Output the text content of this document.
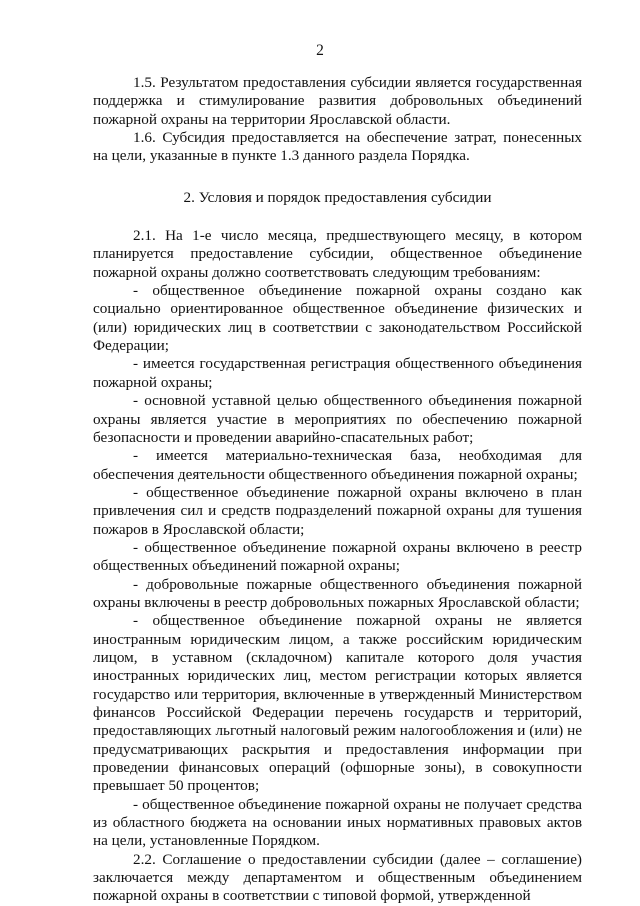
2

1.5. Результатом предоставления субсидии является государственная поддержка и стимулирование развития добровольных объединений пожарной охраны на территории Ярославской области.

1.6. Субсидия предоставляется на обеспечение затрат, понесенных на цели, указанные в пункте 1.3 данного раздела Порядка.

2. Условия и порядок предоставления субсидии

2.1. На 1-е число месяца, предшествующего месяцу, в котором планируется предоставление субсидии, общественное объединение пожарной охраны должно соответствовать следующим требованиям:

- общественное объединение пожарной охраны создано как социально ориентированное общественное объединение физических и (или) юридических лиц в соответствии с законодательством Российской Федерации;

- имеется государственная регистрация общественного объединения пожарной охраны;

- основной уставной целью общественного объединения пожарной охраны является участие в мероприятиях по обеспечению пожарной безопасности и проведении аварийно-спасательных работ;

- имеется материально-техническая база, необходимая для обеспечения деятельности общественного объединения пожарной охраны;

- общественное объединение пожарной охраны включено в план привлечения сил и средств подразделений пожарной охраны для тушения пожаров в Ярославской области;

- общественное объединение пожарной охраны включено в реестр общественных объединений пожарной охраны;

- добровольные пожарные общественного объединения пожарной охраны включены в реестр добровольных пожарных Ярославской области;

- общественное объединение пожарной охраны не является иностранным юридическим лицом, а также российским юридическим лицом, в уставном (складочном) капитале которого доля участия иностранных юридических лиц, местом регистрации которых является государство или территория, включенные в утвержденный Министерством финансов Российской Федерации перечень государств и территорий, предоставляющих льготный налоговый режим налогообложения и (или) не предусматривающих раскрытия и предоставления информации при проведении финансовых операций (офшорные зоны), в совокупности превышает 50 процентов;

- общественное объединение пожарной охраны не получает средства из областного бюджета на основании иных нормативных правовых актов на цели, установленные Порядком.

2.2. Соглашение о предоставлении субсидии (далее – соглашение) заключается между департаментом и общественным объединением пожарной охраны в соответствии с типовой формой, утвержденной
